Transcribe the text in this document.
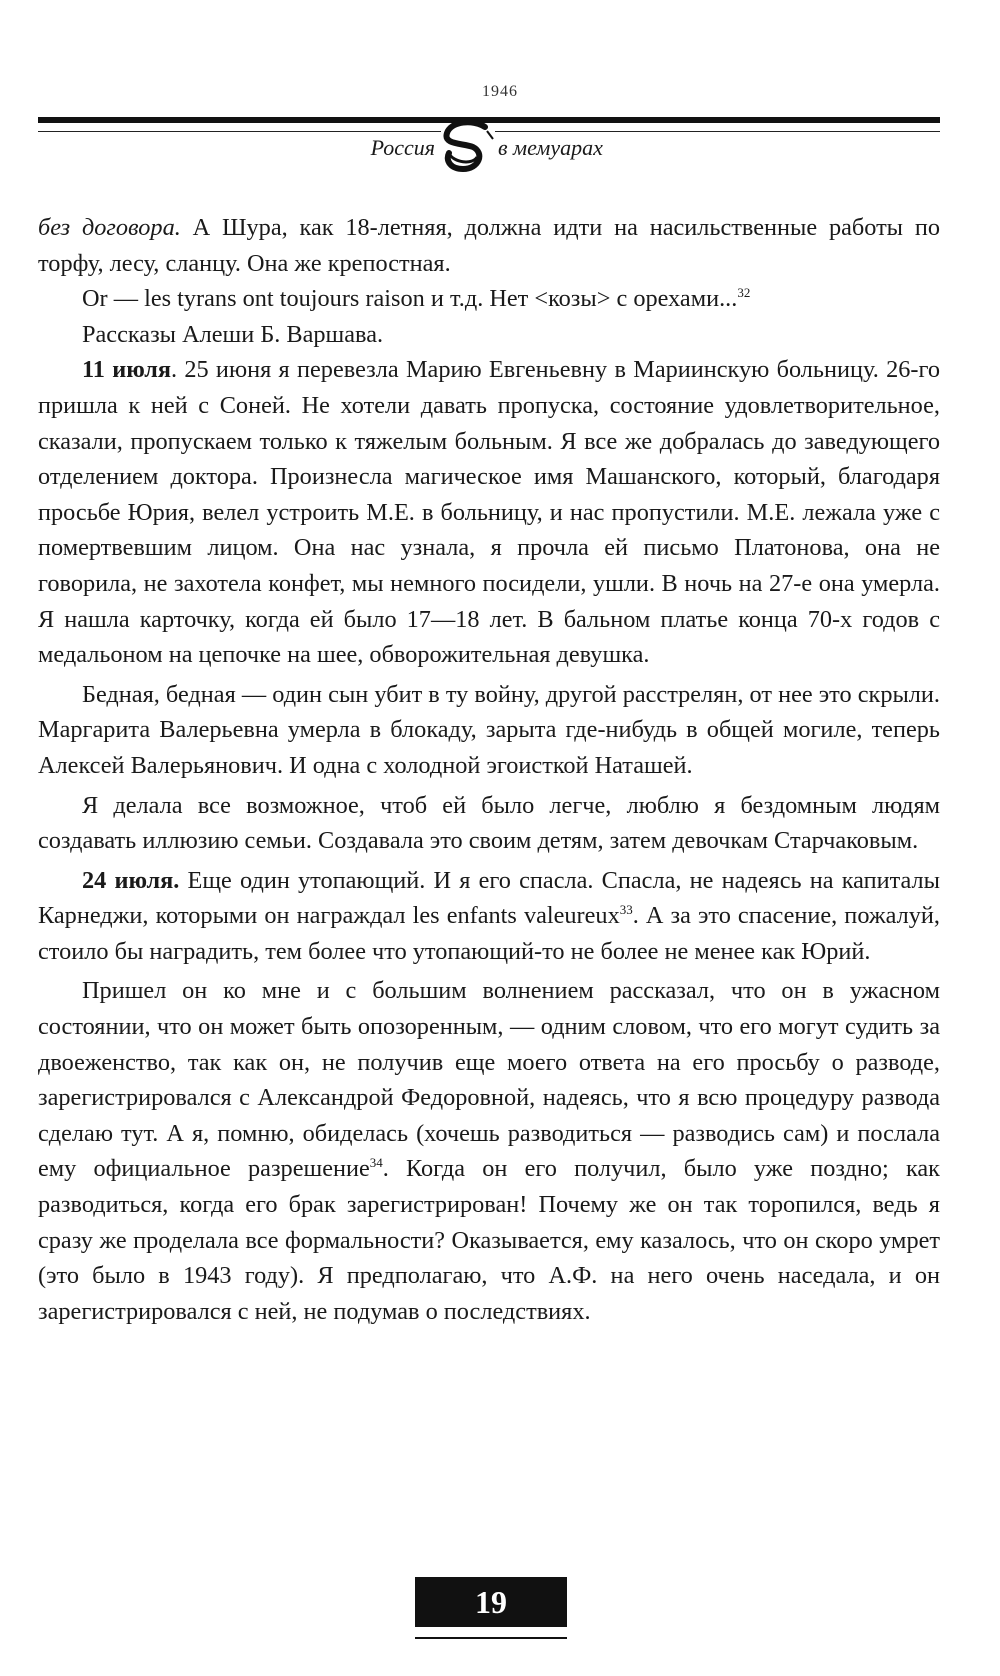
1946
Россия	в мемуарах

без договора. А Шура, как 18-летняя, должна идти на насильственные работы по торфу, лесу, сланцу. Она же крепостная.

Or — les tyrans ont toujours raison и т.д. Нет <козы> с орехами...$^{32}$

Рассказы Алеши Б. Варшава.

11 июля. 25 июня я перевезла Марию Евгеньевну в Мариинскую больницу. 26-го пришла к ней с Соней. Не хотели давать пропуска, состояние удовлетворительное, сказали, пропускаем только к тяжелым больным. Я все же добралась до заведующего отделением доктора. Произнесла магическое имя Машанского, который, благодаря просьбе Юрия, велел устроить М.Е. в больницу, и нас пропустили. М.Е. лежала уже с помертвевшим лицом. Она нас узнала, я прочла ей письмо Платонова, она не говорила, не захотела конфет, мы немного посидели, ушли. В ночь на 27-е она умерла. Я нашла карточку, когда ей было 17—18 лет. В бальном платье конца 70-х годов с медальоном на цепочке на шее, обворожительная девушка.

Бедная, бедная — один сын убит в ту войну, другой расстрелян, от нее это скрыли. Маргарита Валерьевна умерла в блокаду, зарыта где-нибудь в общей могиле, теперь Алексей Валерьянович. И одна с холодной эгоисткой Наташей.

Я делала все возможное, чтоб ей было легче, люблю я бездомным людям создавать иллюзию семьи. Создавала это своим детям, затем девочкам Старчаковым.

24 июля. Еще один утопающий. И я его спасла. Спасла, не надеясь на капиталы Карнеджи, которыми он награждал les enfants valeureux$^{33}$. А за это спасение, пожалуй, стоило бы наградить, тем более что утопающий-то не более не менее как Юрий.

Пришел он ко мне и с большим волнением рассказал, что он в ужасном состоянии, что он может быть опозоренным, — одним словом, что его могут судить за двоеженство, так как он, не получив еще моего ответа на его просьбу о разводе, зарегистрировался с Александрой Федоровной, надеясь, что я всю процедуру развода сделаю тут. А я, помню, обиделась (хочешь разводиться — разводись сам) и послала ему официальное разрешение$^{34}$. Когда он его получил, было уже поздно; как разводиться, когда его брак зарегистрирован! Почему же он так торопился, ведь я сразу же проделала все формальности? Оказывается, ему казалось, что он скоро умрет (это было в 1943 году). Я предполагаю, что А.Ф. на него очень наседала, и он зарегистрировался с ней, не подумав о последствиях.

19
